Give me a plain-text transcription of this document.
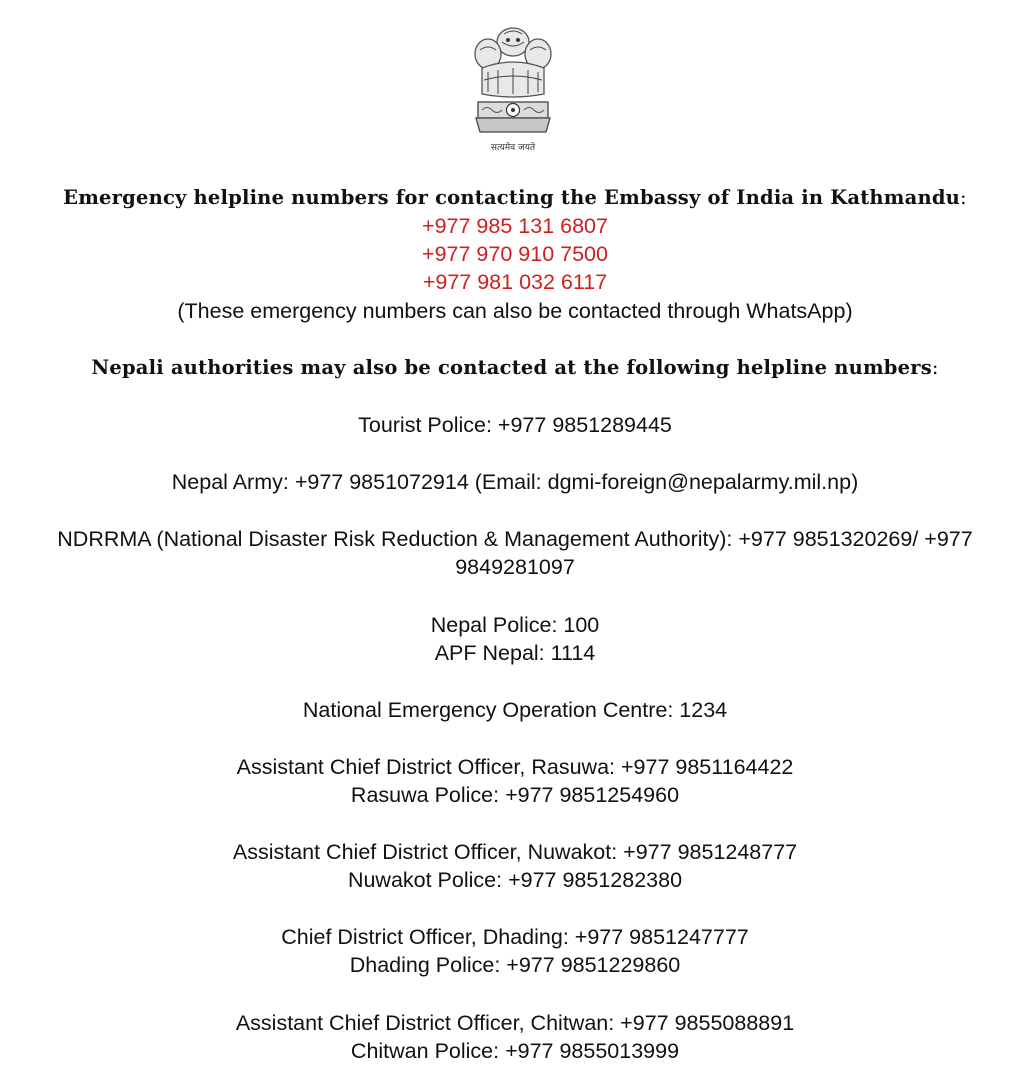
सत्यमेव जयते
Emergency helpline numbers for contacting the Embassy of India in Kathmandu:
+977 985 131 6807
+977 970 910 7500
+977 981 032 6117
(These emergency numbers can also be contacted through WhatsApp)
Nepali authorities may also be contacted at the following helpline numbers:
Tourist Police: +977 9851289445
Nepal Army: +977 9851072914 (Email: dgmi-foreign@nepalarmy.mil.np)
NDRRMA (National Disaster Risk Reduction & Management Authority): +977 9851320269/ +977 9849281097
Nepal Police: 100
APF Nepal: 1114
National Emergency Operation Centre: 1234
Assistant Chief District Officer, Rasuwa: +977 9851164422
Rasuwa Police: +977 9851254960
Assistant Chief District Officer, Nuwakot: +977 9851248777
Nuwakot Police: +977 9851282380
Chief District Officer, Dhading: +977 9851247777
Dhading Police: +977 9851229860
Assistant Chief District Officer, Chitwan: +977 9855088891
Chitwan Police: +977 9855013999
